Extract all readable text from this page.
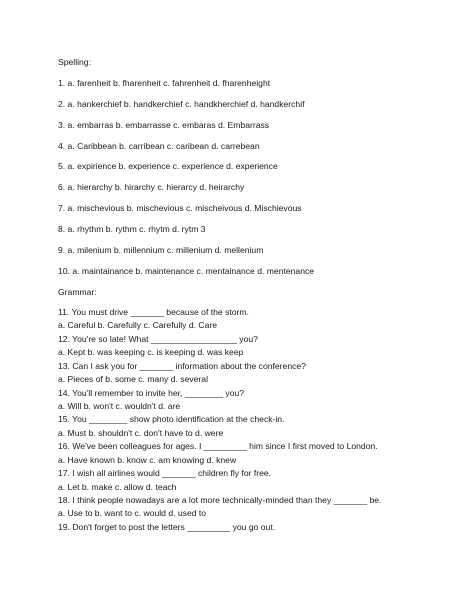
Spelling:
1. a. farenheit b. fharenheit c. fahrenheit d. fharenheight
2. a. hankerchief b. handkerchief c. handkherchief d. handkerchif
3. a. embarras b. embarrasse c. embaras d. Embarrass
4. a. Caribbean b. carribean c. caribean d. carrebean
5. a. expirience b. experience c. experience d. experience
6. a. hierarchy b. hirarchy c. hierarcy d. heirarchy
7. a. mischevious b. mischevious c. mischeivous d. Mischievous
8. a. rhythm b. rythm c. rhytm d. rytm 3
9. a. milenium b. millennium c. millenium d. mellenium
10. a. maintainance b. maintenance c. mentainance d. mentenance
Grammar:
11. You must drive _______ because of the storm.
a. Careful b. Carefully c. Carefully d. Care
12. You're so late! What __________________ you?
a. Kept b. was keeping c. is keeping d. was keep
13. Can I ask you for _______ information about the conference?
a. Pieces of b. some c. many d. several
14. You'll remember to invite her, ________ you?
a. Will b. won't c. wouldn't d. are
15. You ________ show photo identification at the check-in.
a. Must b. shouldn't c. don't have to d. were
16. We've been colleagues for ages. I _________ him since I first moved to London.
a. Have known b. know c. am knowing d. knew
17. I wish all airlines would _______ children fly for free.
a. Let b. make c. allow d. teach
18. I think people nowadays are a lot more technically-minded than they _______ be.
a. Use to b. want to c. would d. used to
19. Don't forget to post the letters _________ you go out.
